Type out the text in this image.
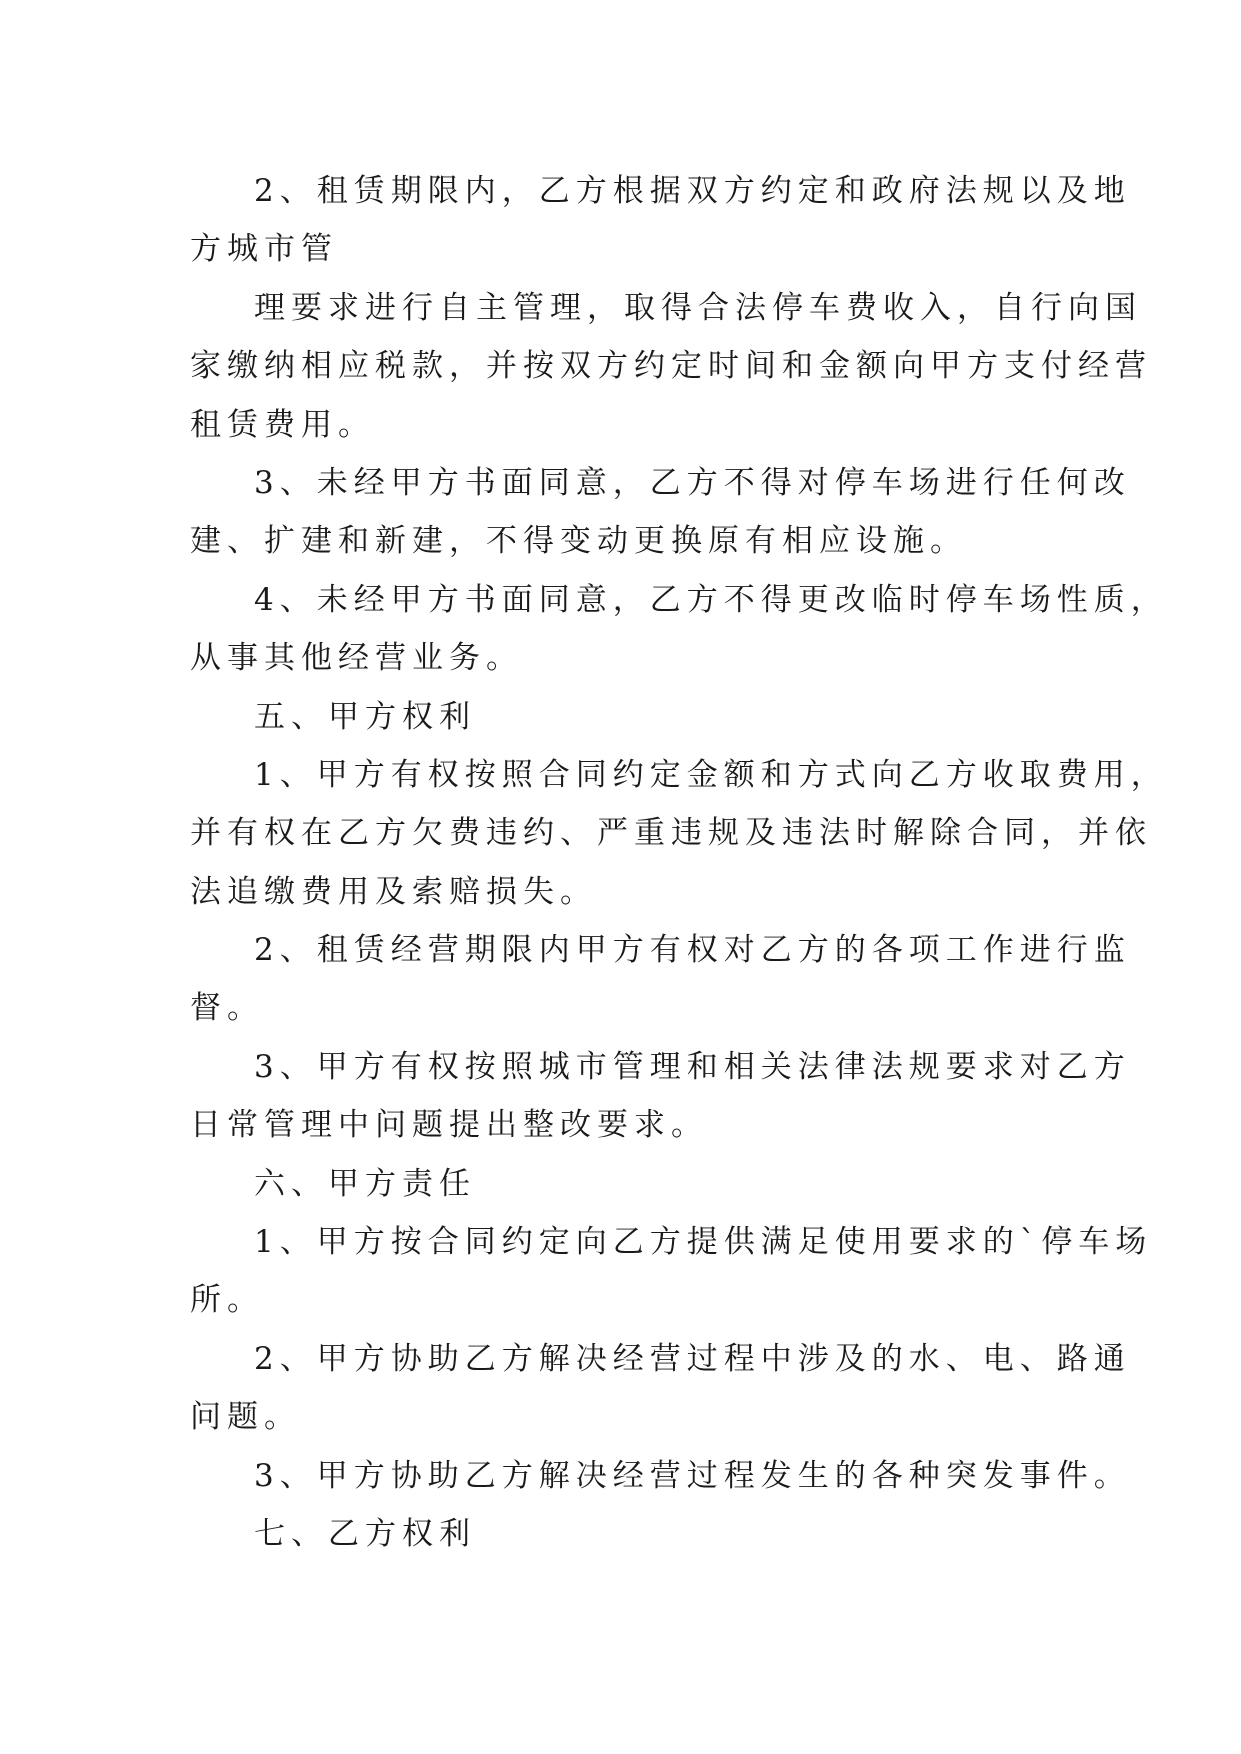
2、租赁期限内，乙方根据双方约定和政府法规以及地
方城市管
理要求进行自主管理，取得合法停车费收入，自行向国
家缴纳相应税款，并按双方约定时间和金额向甲方支付经营
租赁费用。
3、未经甲方书面同意，乙方不得对停车场进行任何改
建、扩建和新建，不得变动更换原有相应设施。
4、未经甲方书面同意，乙方不得更改临时停车场性质，
从事其他经营业务。
五、甲方权利
1、甲方有权按照合同约定金额和方式向乙方收取费用，
并有权在乙方欠费违约、严重违规及违法时解除合同，并依
法追缴费用及索赔损失。
2、租赁经营期限内甲方有权对乙方的各项工作进行监
督。
3、甲方有权按照城市管理和相关法律法规要求对乙方
日常管理中问题提出整改要求。
六、甲方责任
1、甲方按合同约定向乙方提供满足使用要求的`停车场
所。
2、甲方协助乙方解决经营过程中涉及的水、电、路通
问题。
3、甲方协助乙方解决经营过程发生的各种突发事件。
七、乙方权利
